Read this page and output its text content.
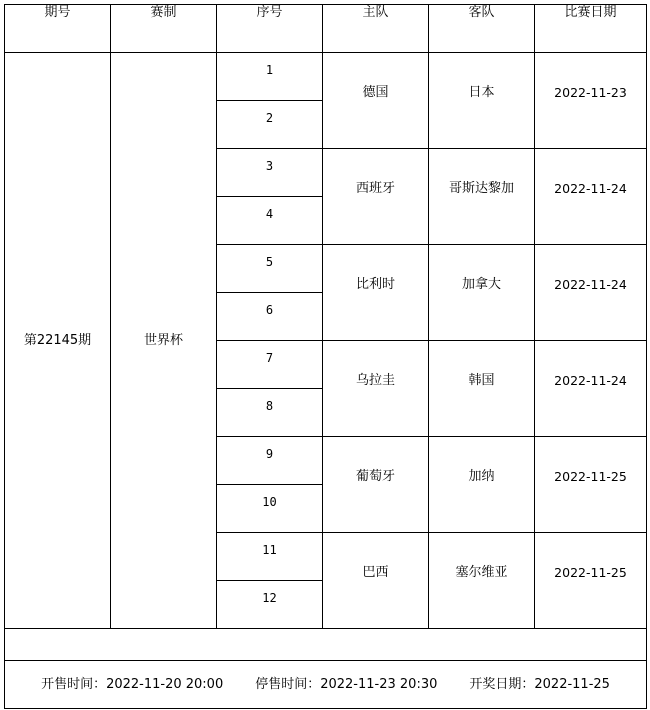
期号	赛制	序号	主队	客队	比赛日期
第22145期	世界杯	1	德国	日本	2022-11-23
		2			
		3	西班牙	哥斯达黎加	2022-11-24
		4			
		5	比利时	加拿大	2022-11-24
		6			
		7	乌拉圭	韩国	2022-11-24
		8			
		9	葡萄牙	加纳	2022-11-25
		10			
		11	巴西	塞尔维亚	2022-11-25
		12			

开售时间：2022-11-20 20:00 停售时间：2022-11-23 20:30 开奖日期：2022-11-25					
